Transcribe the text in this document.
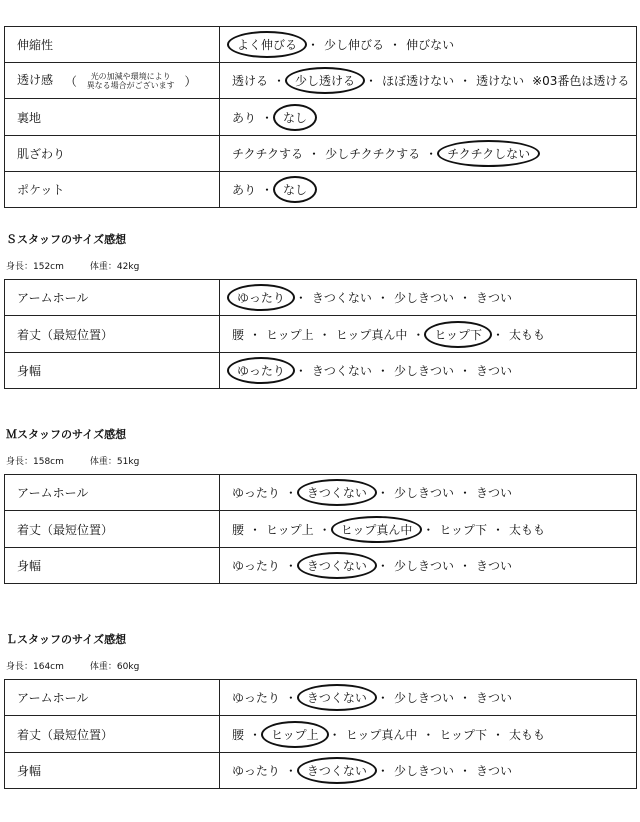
伸縮性	よく伸びる ・ 少し伸びる ・ 伸びない
透け感 （ 光の加減や環境により
異なる場合がございます ）	透ける ・ 少し透ける ・ ほぼ透けない ・ 透けない ※03番色は透ける
裏地	あり ・ なし
肌ざわり	チクチクする ・ 少しチクチクする ・ チクチクしない
ポケット	あり ・ なし
Ｓスタッフのサイズ感想
身長：152cm	体重：42kg
アームホール	ゆったり ・ きつくない ・ 少しきつい ・ きつい
着丈（最短位置）	腰 ・ ヒップ上 ・ ヒップ真ん中 ・ ヒップ下 ・ 太もも
身幅	ゆったり ・ きつくない ・ 少しきつい ・ きつい
Ｍスタッフのサイズ感想
身長：158cm	体重：51kg
アームホール	ゆったり ・ きつくない ・ 少しきつい ・ きつい
着丈（最短位置）	腰 ・ ヒップ上 ・ ヒップ真ん中 ・ ヒップ下 ・ 太もも
身幅	ゆったり ・ きつくない ・ 少しきつい ・ きつい
Ｌスタッフのサイズ感想
身長：164cm	体重：60kg
アームホール	ゆったり ・ きつくない ・ 少しきつい ・ きつい
着丈（最短位置）	腰 ・ ヒップ上 ・ ヒップ真ん中 ・ ヒップ下 ・ 太もも
身幅	ゆったり ・ きつくない ・ 少しきつい ・ きつい
